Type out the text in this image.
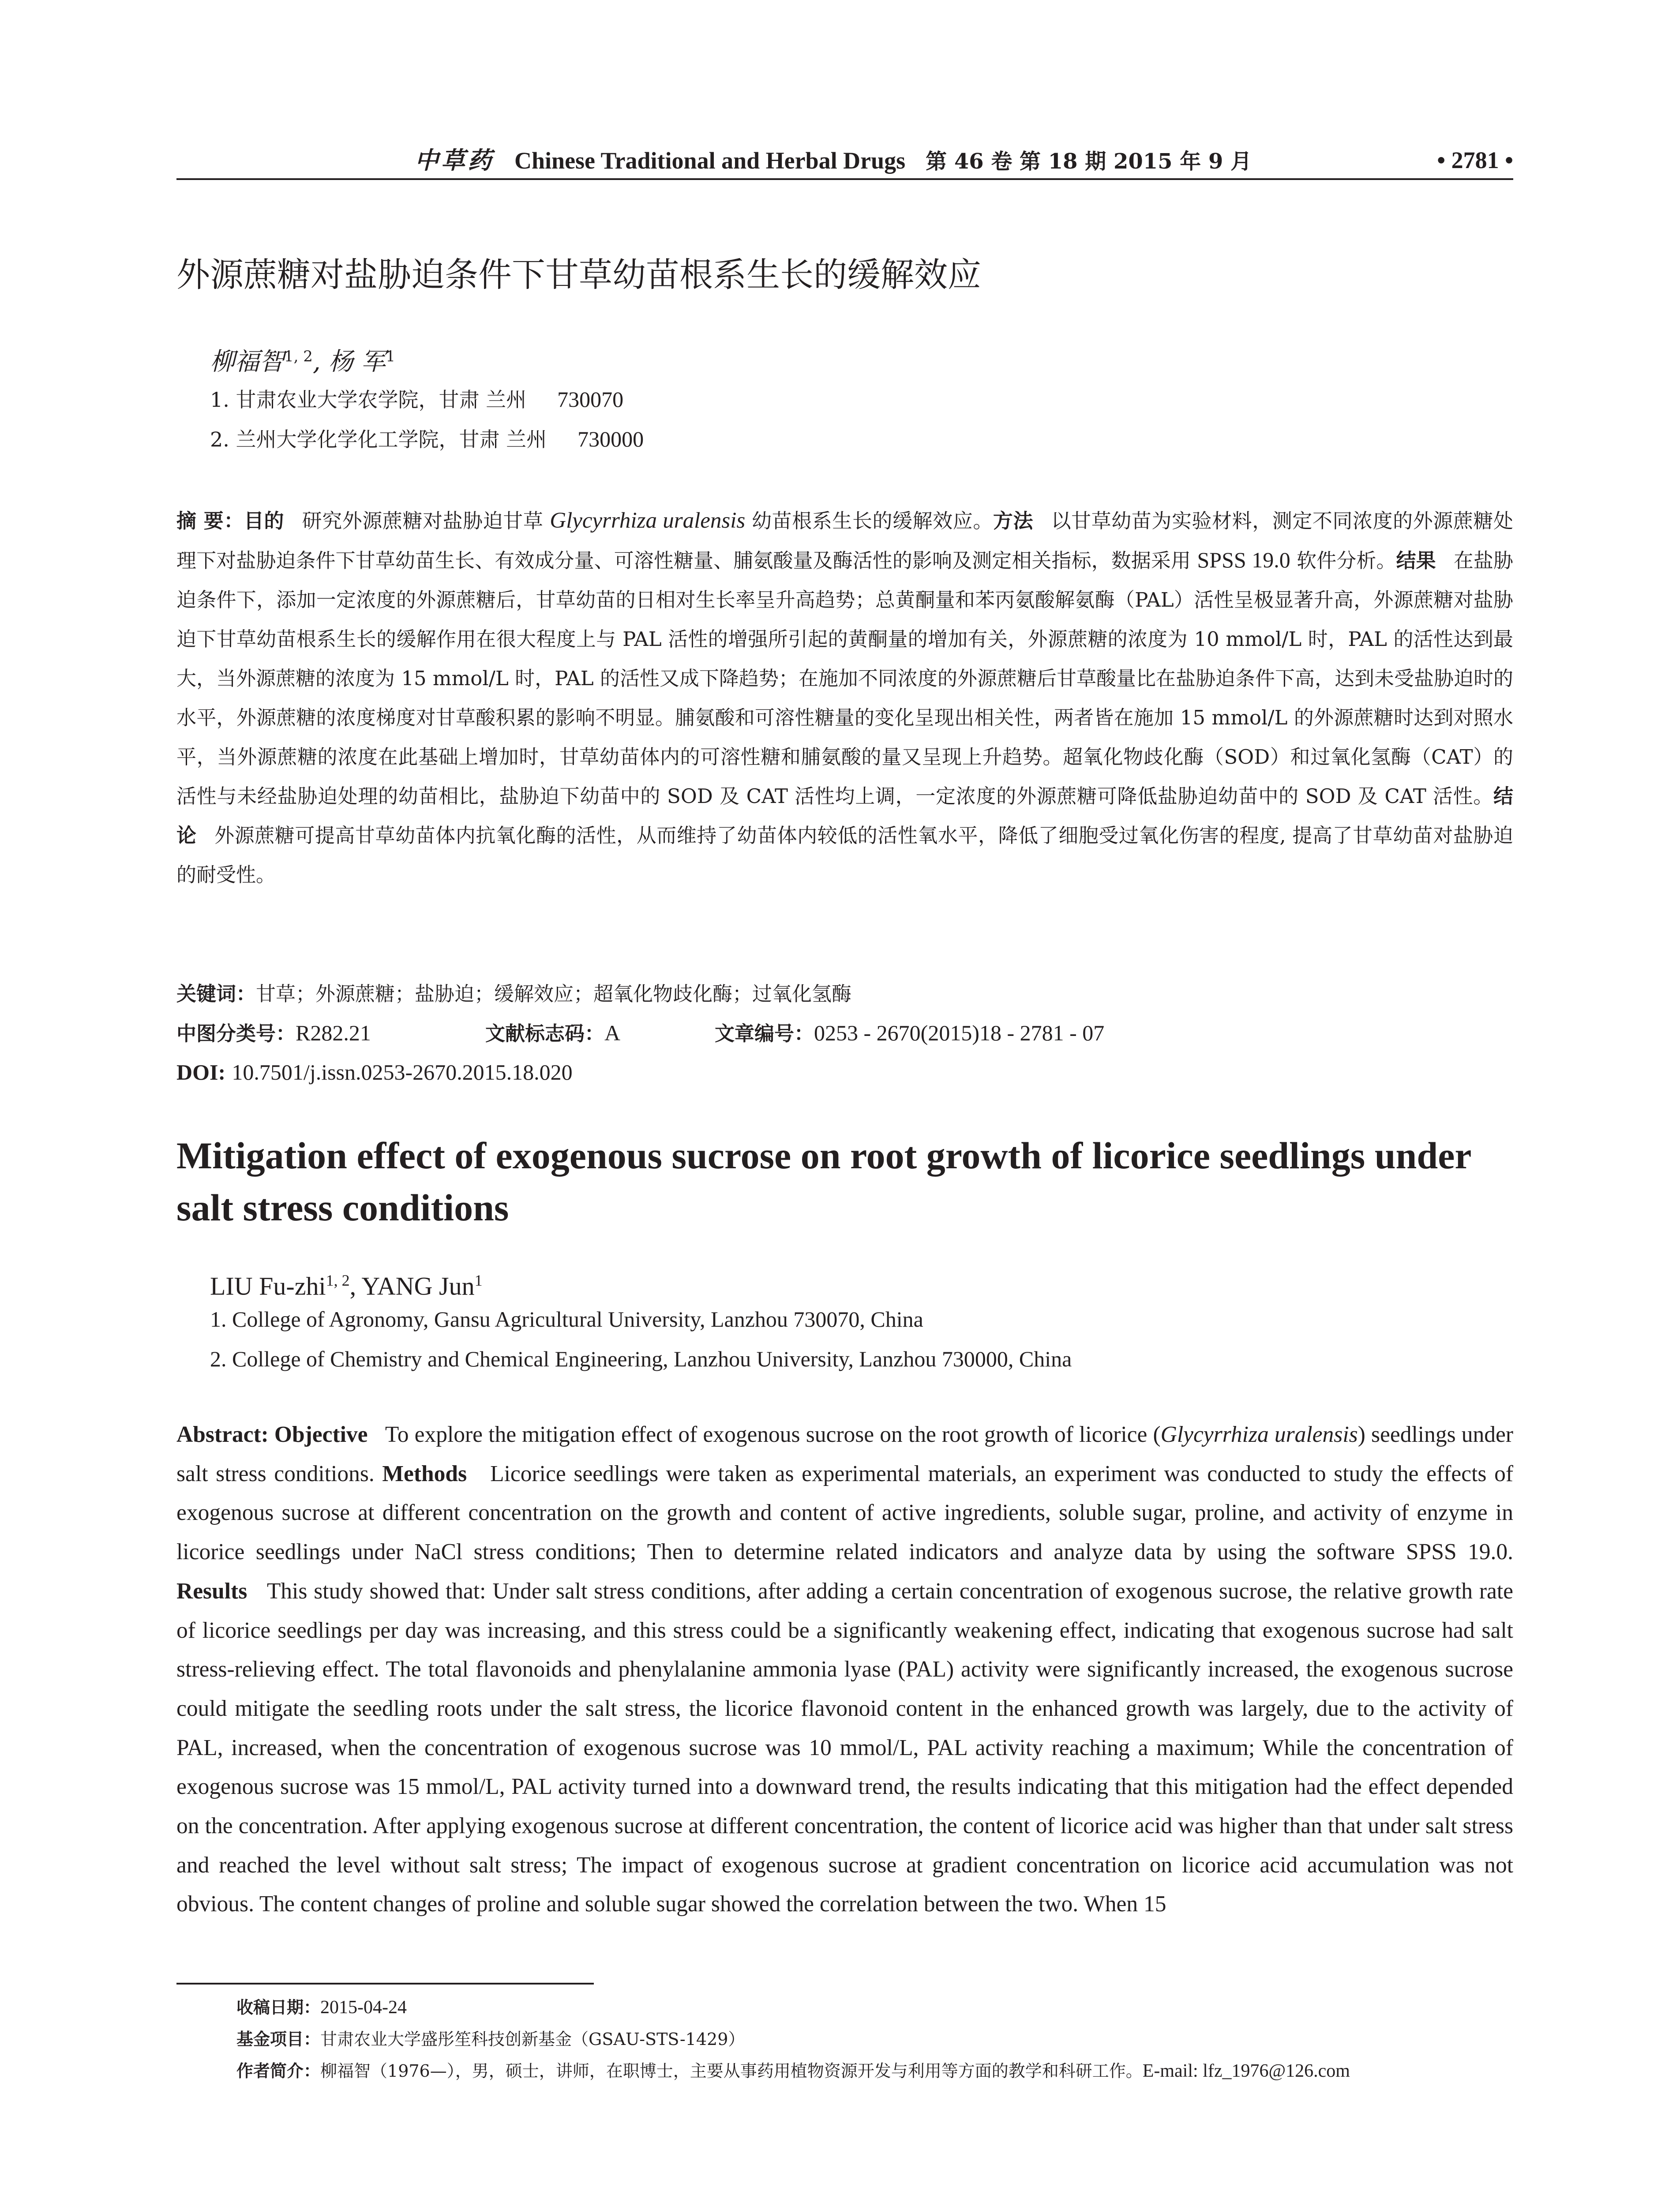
中草药 Chinese Traditional and Herbal Drugs 第 46 卷 第 18 期 2015 年 9 月	• 2781 •
外源蔗糖对盐胁迫条件下甘草幼苗根系生长的缓解效应
柳福智$^{1, 2}$, 杨 军$^1$
1. 甘肃农业大学农学院，甘肃 兰州 730070
2. 兰州大学化学化工学院，甘肃 兰州 730000

摘 要：目的 研究外源蔗糖对盐胁迫甘草 Glycyrrhiza uralensis 幼苗根系生长的缓解效应。方法 以甘草幼苗为实验材料，测定不同浓度的外源蔗糖处理下对盐胁迫条件下甘草幼苗生长、有效成分量、可溶性糖量、脯氨酸量及酶活性的影响及测定相关指标，数据采用 SPSS 19.0 软件分析。结果 在盐胁迫条件下，添加一定浓度的外源蔗糖后，甘草幼苗的日相对生长率呈升高趋势；总黄酮量和苯丙氨酸解氨酶（PAL）活性呈极显著升高，外源蔗糖对盐胁迫下甘草幼苗根系生长的缓解作用在很大程度上与 PAL 活性的增强所引起的黄酮量的增加有关，外源蔗糖的浓度为 10 mmol/L 时，PAL 的活性达到最大，当外源蔗糖的浓度为 15 mmol/L 时，PAL 的活性又成下降趋势；在施加不同浓度的外源蔗糖后甘草酸量比在盐胁迫条件下高，达到未受盐胁迫时的水平，外源蔗糖的浓度梯度对甘草酸积累的影响不明显。脯氨酸和可溶性糖量的变化呈现出相关性，两者皆在施加 15 mmol/L 的外源蔗糖时达到对照水平，当外源蔗糖的浓度在此基础上增加时，甘草幼苗体内的可溶性糖和脯氨酸的量又呈现上升趋势。超氧化物歧化酶（SOD）和过氧化氢酶（CAT）的活性与未经盐胁迫处理的幼苗相比，盐胁迫下幼苗中的 SOD 及 CAT 活性均上调，一定浓度的外源蔗糖可降低盐胁迫幼苗中的 SOD 及 CAT 活性。结论 外源蔗糖可提高甘草幼苗体内抗氧化酶的活性，从而维持了幼苗体内较低的活性氧水平，降低了细胞受过氧化伤害的程度, 提高了甘草幼苗对盐胁迫的耐受性。

关键词：甘草；外源蔗糖；盐胁迫；缓解效应；超氧化物歧化酶；过氧化氢酶
中图分类号：R282.21	文献标志码：A	文章编号：0253 - 2670(2015)18 - 2781 - 07
DOI: 10.7501/j.issn.0253-2670.2015.18.020
Mitigation effect of exogenous sucrose on root growth of licorice seedlings under salt stress conditions
LIU Fu-zhi$^{1, 2}$, YANG Jun$^1$
1. College of Agronomy, Gansu Agricultural University, Lanzhou 730070, China
2. College of Chemistry and Chemical Engineering, Lanzhou University, Lanzhou 730000, China

Abstract: Objective To explore the mitigation effect of exogenous sucrose on the root growth of licorice (Glycyrrhiza uralensis) seedlings under salt stress conditions. Methods Licorice seedlings were taken as experimental materials, an experiment was conducted to study the effects of exogenous sucrose at different concentration on the growth and content of active ingredients, soluble sugar, proline, and activity of enzyme in licorice seedlings under NaCl stress conditions; Then to determine related indicators and analyze data by using the software SPSS 19.0. Results This study showed that: Under salt stress conditions, after adding a certain concentration of exogenous sucrose, the relative growth rate of licorice seedlings per day was increasing, and this stress could be a significantly weakening effect, indicating that exogenous sucrose had salt stress-relieving effect. The total flavonoids and phenylalanine ammonia lyase (PAL) activity were significantly increased, the exogenous sucrose could mitigate the seedling roots under the salt stress, the licorice flavonoid content in the enhanced growth was largely, due to the activity of PAL, increased, when the concentration of exogenous sucrose was 10 mmol/L, PAL activity reaching a maximum; While the concentration of exogenous sucrose was 15 mmol/L, PAL activity turned into a downward trend, the results indicating that this mitigation had the effect depended on the concentration. After applying exogenous sucrose at different concentration, the content of licorice acid was higher than that under salt stress and reached the level without salt stress; The impact of exogenous sucrose at gradient concentration on licorice acid accumulation was not obvious. The content changes of proline and soluble sugar showed the correlation between the two. When 15

收稿日期：2015-04-24
基金项目：甘肃农业大学盛彤笙科技创新基金（GSAU-STS-1429）
作者简介：柳福智（1976—），男，硕士，讲师，在职博士，主要从事药用植物资源开发与利用等方面的教学和科研工作。E-mail: lfz_1976@126.com
